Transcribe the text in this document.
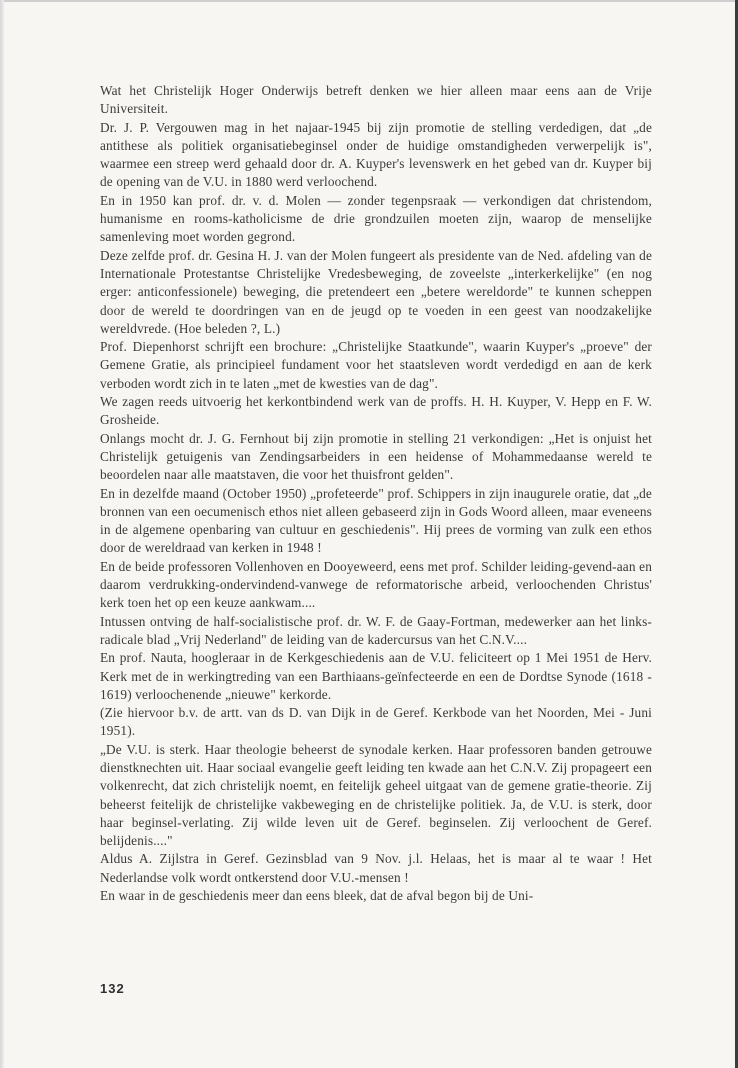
Wat het Christelijk Hoger Onderwijs betreft denken we hier alleen maar eens aan de Vrije Universiteit.

Dr. J. P. Vergouwen mag in het najaar-1945 bij zijn promotie de stelling verdedigen, dat „de antithese als politiek organisatiebeginsel onder de huidige omstandigheden verwerpelijk is", waarmee een streep werd gehaald door dr. A. Kuyper's levenswerk en het gebed van dr. Kuyper bij de opening van de V.U. in 1880 werd verloochend.

En in 1950 kan prof. dr. v. d. Molen — zonder tegenpsraak — verkondigen dat christendom, humanisme en rooms-katholicisme de drie grondzuilen moeten zijn, waarop de menselijke samenleving moet worden gegrond.

Deze zelfde prof. dr. Gesina H. J. van der Molen fungeert als presidente van de Ned. afdeling van de Internationale Protestantse Christelijke Vredesbeweging, de zoveelste „interkerkelijke" (en nog erger: anticonfessionele) beweging, die pretendeert een „betere wereldorde" te kunnen scheppen door de wereld te doordringen van en de jeugd op te voeden in een geest van noodzakelijke wereldvrede. (Hoe beleden ?, L.)

Prof. Diepenhorst schrijft een brochure: „Christelijke Staatkunde", waarin Kuyper's „proeve" der Gemene Gratie, als principieel fundament voor het staatsleven wordt verdedigd en aan de kerk verboden wordt zich in te laten „met de kwesties van de dag".

We zagen reeds uitvoerig het kerkontbindend werk van de proffs. H. H. Kuyper, V. Hepp en F. W. Grosheide.

Onlangs mocht dr. J. G. Fernhout bij zijn promotie in stelling 21 verkondigen: „Het is onjuist het Christelijk getuigenis van Zendingsarbeiders in een heidense of Mohammedaanse wereld te beoordelen naar alle maatstaven, die voor het thuisfront gelden".

En in dezelfde maand (October 1950) „profeteerde" prof. Schippers in zijn inaugurele oratie, dat „de bronnen van een oecumenisch ethos niet alleen gebaseerd zijn in Gods Woord alleen, maar eveneens in de algemene openbaring van cultuur en geschiedenis". Hij prees de vorming van zulk een ethos door de wereldraad van kerken in 1948 !

En de beide professoren Vollenhoven en Dooyeweerd, eens met prof. Schilder leiding-gevend-aan en daarom verdrukking-ondervindend-vanwege de reformatorische arbeid, verloochenden Christus' kerk toen het op een keuze aankwam....

Intussen ontving de half-socialistische prof. dr. W. F. de Gaay-Fortman, medewerker aan het links-radicale blad „Vrij Nederland" de leiding van de kadercursus van het C.N.V....

En prof. Nauta, hoogleraar in de Kerkgeschiedenis aan de V.U. feliciteert op 1 Mei 1951 de Herv. Kerk met de in werkingtreding van een Barthiaans-geïnfecteerde en een de Dordtse Synode (1618 - 1619) verloochenende „nieuwe" kerkorde.

(Zie hiervoor b.v. de artt. van ds D. van Dijk in de Geref. Kerkbode van het Noorden, Mei - Juni 1951).

„De V.U. is sterk. Haar theologie beheerst de synodale kerken. Haar professoren banden getrouwe dienstknechten uit. Haar sociaal evangelie geeft leiding ten kwade aan het C.N.V. Zij propageert een volkenrecht, dat zich christelijk noemt, en feitelijk geheel uitgaat van de gemene gratie-theorie. Zij beheerst feitelijk de christelijke vakbeweging en de christelijke politiek. Ja, de V.U. is sterk, door haar beginsel-verlating. Zij wilde leven uit de Geref. beginselen. Zij verloochent de Geref. belijdenis...."

Aldus A. Zijlstra in Geref. Gezinsblad van 9 Nov. j.l. Helaas, het is maar al te waar ! Het Nederlandse volk wordt ontkerstend door V.U.-mensen !

En waar in de geschiedenis meer dan eens bleek, dat de afval begon bij de Uni-

132
